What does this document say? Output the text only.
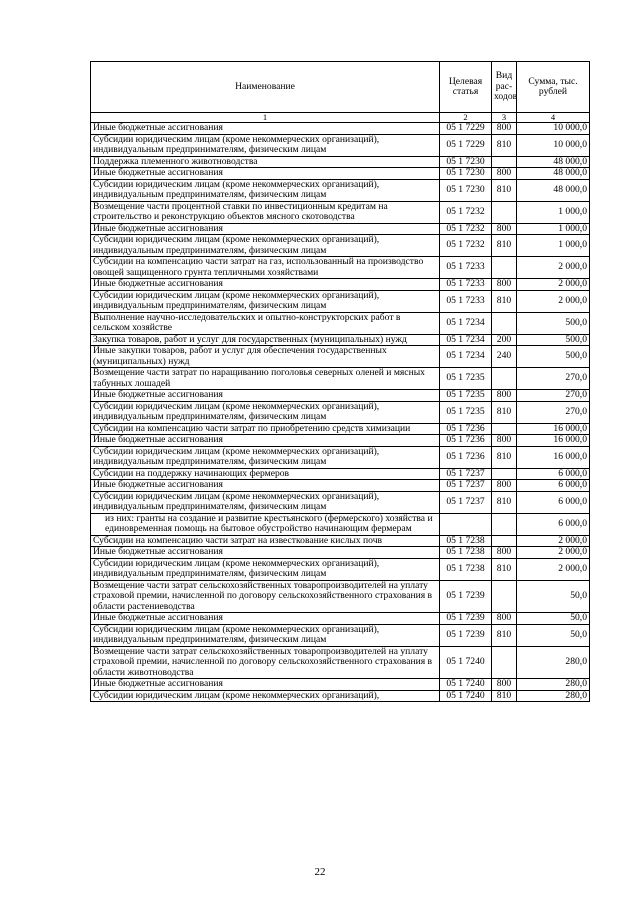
Наименование	Целевая статья	Вид рас-ходов	Сумма, тыс. рублей
1	2	3	4
Иные бюджетные ассигнования	05 1 7229	800	10 000,0
Субсидии юридическим лицам (кроме некоммерческих организаций), индивидуальным предпринимателям, физическим лицам	05 1 7229	810	10 000,0
Поддержка племенного животноводства	05 1 7230		48 000,0
Иные бюджетные ассигнования	05 1 7230	800	48 000,0
Субсидии юридическим лицам (кроме некоммерческих организаций), индивидуальным предпринимателям, физическим лицам	05 1 7230	810	48 000,0
Возмещение части процентной ставки по инвестиционным кредитам на строительство и реконструкцию объектов мясного скотоводства	05 1 7232		1 000,0
Иные бюджетные ассигнования	05 1 7232	800	1 000,0
Субсидии юридическим лицам (кроме некоммерческих организаций), индивидуальным предпринимателям, физическим лицам	05 1 7232	810	1 000,0
Субсидии на компенсацию части затрат на газ, использованный на производство овощей защищенного грунта тепличными хозяйствами	05 1 7233		2 000,0
Иные бюджетные ассигнования	05 1 7233	800	2 000,0
Субсидии юридическим лицам (кроме некоммерческих организаций), индивидуальным предпринимателям, физическим лицам	05 1 7233	810	2 000,0
Выполнение научно-исследовательских и опытно-конструкторских работ в сельском хозяйстве	05 1 7234		500,0
Закупка товаров, работ и услуг для государственных (муниципальных) нужд	05 1 7234	200	500,0
Иные закупки товаров, работ и услуг для обеспечения государственных (муниципальных) нужд	05 1 7234	240	500,0
Возмещение части затрат по наращиванию поголовья северных оленей и мясных табунных лошадей	05 1 7235		270,0
Иные бюджетные ассигнования	05 1 7235	800	270,0
Субсидии юридическим лицам (кроме некоммерческих организаций), индивидуальным предпринимателям, физическим лицам	05 1 7235	810	270,0
Субсидии на компенсацию части затрат по приобретению средств химизации	05 1 7236		16 000,0
Иные бюджетные ассигнования	05 1 7236	800	16 000,0
Субсидии юридическим лицам (кроме некоммерческих организаций), индивидуальным предпринимателям, физическим лицам	05 1 7236	810	16 000,0
Субсидии на поддержку начинающих фермеров	05 1 7237		6 000,0
Иные бюджетные ассигнования	05 1 7237	800	6 000,0
Субсидии юридическим лицам (кроме некоммерческих организаций), индивидуальным предпринимателям, физическим лицам	05 1 7237	810	6 000,0
из них: гранты на создание и развитие крестьянского (фермерского) хозяйства и единовременная помощь на бытовое обустройство начинающим фермерам			6 000,0
Субсидии на компенсацию части затрат на известкование кислых почв	05 1 7238		2 000,0
Иные бюджетные ассигнования	05 1 7238	800	2 000,0
Субсидии юридическим лицам (кроме некоммерческих организаций), индивидуальным предпринимателям, физическим лицам	05 1 7238	810	2 000,0
Возмещение части затрат сельскохозяйственных товаропроизводителей на уплату страховой премии, начисленной по договору сельскохозяйственного страхования в области растениеводства	05 1 7239		50,0
Иные бюджетные ассигнования	05 1 7239	800	50,0
Субсидии юридическим лицам (кроме некоммерческих организаций), индивидуальным предпринимателям, физическим лицам	05 1 7239	810	50,0
Возмещение части затрат сельскохозяйственных товаропроизводителей на уплату страховой премии, начисленной по договору сельскохозяйственного страхования в области животноводства	05 1 7240		280,0
Иные бюджетные ассигнования	05 1 7240	800	280,0
Субсидии юридическим лицам (кроме некоммерческих организаций),	05 1 7240	810	280,0
22
